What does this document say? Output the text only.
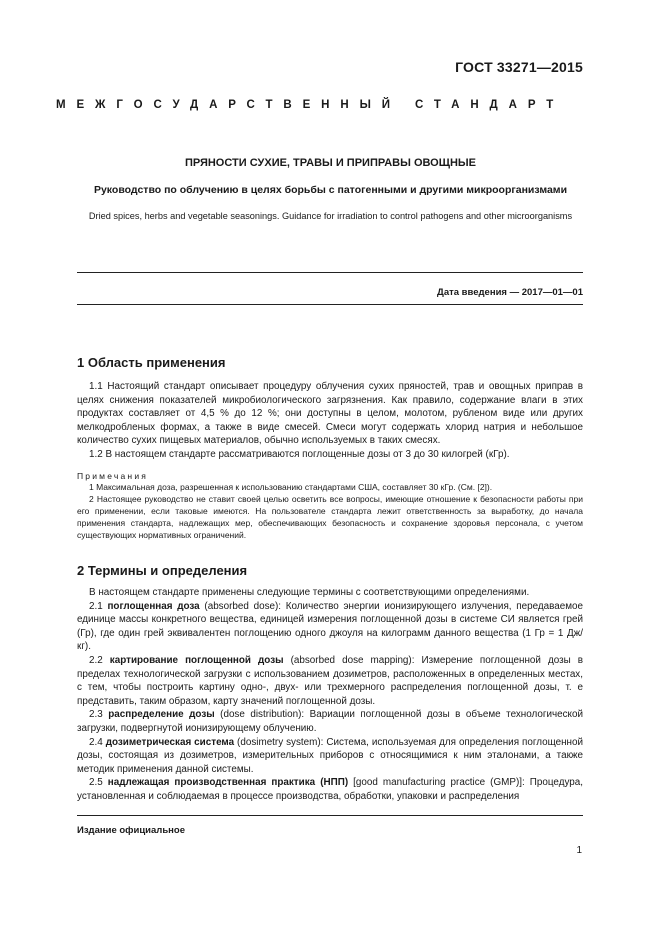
ГОСТ 33271—2015
МЕЖГОСУДАРСТВЕННЫЙ СТАНДАРТ
ПРЯНОСТИ СУХИЕ, ТРАВЫ И ПРИПРАВЫ ОВОЩНЫЕ
Руководство по облучению в целях борьбы с патогенными и другими микроорганизмами
Dried spices, herbs and vegetable seasonings. Guidance for irradiation to control pathogens and other microorganisms
Дата введения — 2017—01—01
1 Область применения

1.1 Настоящий стандарт описывает процедуру облучения сухих пряностей, трав и овощных приправ в целях снижения показателей микробиологического загрязнения. Как правило, содержание влаги в этих продуктах составляет от 4,5 % до 12 %; они доступны в целом, молотом, рубленом виде или других мелкодробленых формах, а также в виде смесей. Смеси могут содержать хлорид натрия и небольшое количество сухих пищевых материалов, обычно используемых в таких смесях.

1.2 В настоящем стандарте рассматриваются поглощенные дозы от 3 до 30 килогрей (кГр).

Примечания

1 Максимальная доза, разрешенная к использованию стандартами США, составляет 30 кГр. (См. [2]).

2 Настоящее руководство не ставит своей целью осветить все вопросы, имеющие отношение к безопасности работы при его применении, если таковые имеются. На пользователе стандарта лежит ответственность за выработку, до начала применения стандарта, надлежащих мер, обеспечивающих безопасность и сохранение здоровья персонала, с учетом существующих нормативных ограничений.

2 Термины и определения

В настоящем стандарте применены следующие термины с соответствующими определениями.

2.1 поглощенная доза (absorbed dose): Количество энергии ионизирующего излучения, передаваемое единице массы конкретного вещества, единицей измерения поглощенной дозы в системе СИ является грей (Гр), где один грей эквивалентен поглощению одного джоуля на килограмм данного вещества (1 Гр = 1 Дж/кг).

2.2 картирование поглощенной дозы (absorbed dose mapping): Измерение поглощенной дозы в пределах технологической загрузки с использованием дозиметров, расположенных в определенных местах, с тем, чтобы построить картину одно-, двух- или трехмерного распределения поглощенной дозы, т. е представить, таким образом, карту значений поглощенной дозы.

2.3 распределение дозы (dose distribution): Вариации поглощенной дозы в объеме технологической загрузки, подвергнутой ионизирующему облучению.

2.4 дозиметрическая система (dosimetry system): Система, используемая для определения поглощенной дозы, состоящая из дозиметров, измерительных приборов с относящимися к ним эталонами, а также методик применения данной системы.

2.5 надлежащая производственная практика (НПП) [good manufacturing practice (GMP)]: Процедура, установленная и соблюдаемая в процессе производства, обработки, упаковки и распределения

Издание официальное
1
